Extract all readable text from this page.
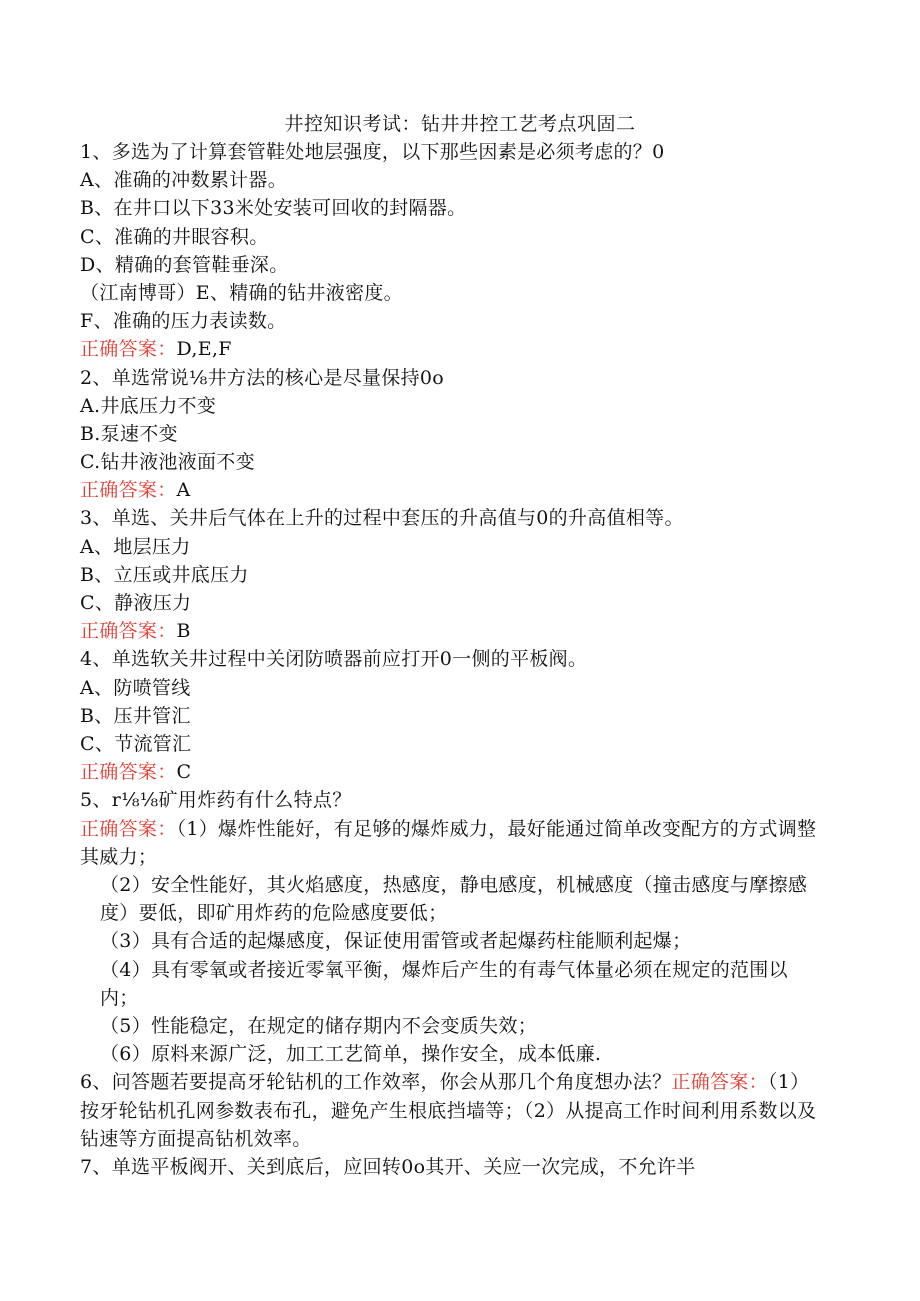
井控知识考试：钻井井控工艺考点巩固二
1、多选为了计算套管鞋处地层强度，以下那些因素是必须考虑的？0
A、准确的冲数累计器。
B、在井口以下33米处安装可回收的封隔器。
C、准确的井眼容积。
D、精确的套管鞋垂深。
（江南博哥）E、精确的钻井液密度。
F、准确的压力表读数。
正确答案：D,E,F
2、单选常说⅛井方法的核心是尽量保持0o
A.井底压力不变
B.泵速不变
C.钻井液池液面不变
正确答案：A
3、单选、关井后气体在上升的过程中套压的升高值与0的升高值相等。
A、地层压力
B、立压或井底压力
C、静液压力
正确答案：B
4、单选软关井过程中关闭防喷器前应打开0一侧的平板阀。
A、防喷管线
B、压井管汇
C、节流管汇
正确答案：C
5、r⅛⅛矿用炸药有什么特点？
正确答案：（1）爆炸性能好，有足够的爆炸威力，最好能通过简单改变配方的方式调整其威力；
（2）安全性能好，其火焰感度，热感度，静电感度，机械感度（撞击感度与摩擦感度）要低，即矿用炸药的危险感度要低；
（3）具有合适的起爆感度，保证使用雷管或者起爆药柱能顺利起爆；
（4）具有零氧或者接近零氧平衡，爆炸后产生的有毒气体量必须在规定的范围以内；
（5）性能稳定，在规定的储存期内不会变质失效；
（6）原料来源广泛，加工工艺简单，操作安全，成本低廉.
6、问答题若要提高牙轮钻机的工作效率，你会从那几个角度想办法？正确答案：（1）按牙轮钻机孔网参数表布孔，避免产生根底挡墙等；（2）从提高工作时间利用系数以及钻速等方面提高钻机效率。
7、单选平板阀开、关到底后，应回转0o其开、关应一次完成，不允许半
